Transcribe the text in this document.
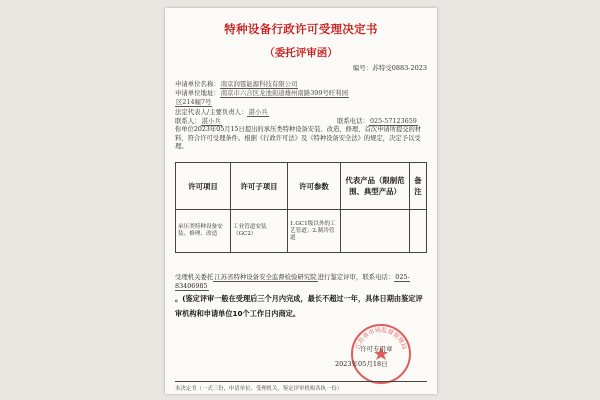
特种设备行政许可受理决定书
（委托评审函）
编号：苏特受0883-2023
申请单位名称：南京润霆能源科技有限公司
申请单位地址：南京市六合区龙池街道雄州南路399号旺利园
区214幢7号
法定代表人/主要负责人：湛小兵
联系人：湛小兵	联系电话：025-57123659
你单位2023年05月15日提出的承压类特种设备安装、改造、修理、首次申请所提交的材料，符合许可受理条件。根据《行政许可法》及《特种设备安全法》的规定，决定予以受理。
许可项目	许可子项目	许可参数	代表产品（限制范围、典型产品）	备注
承压类特种设备安装、修理、改造	工业管道安装（GC2）	1.GC1级以外的工艺管道；2.制冷管道		
受理机关委托江苏省特种设备安全监督检验研究院进行鉴定评审，联系电话：025-83406985
。(鉴定评审一般在受理后三个月内完成，最长不超过一年，具体日期由鉴定评审机构和申请单位10个工作日内商定。
江苏省市场监督管理局
许可专用章
2023年05月18日
本决定书（一式三份，申请单位、受理机关、鉴定评审机构各执一份）
